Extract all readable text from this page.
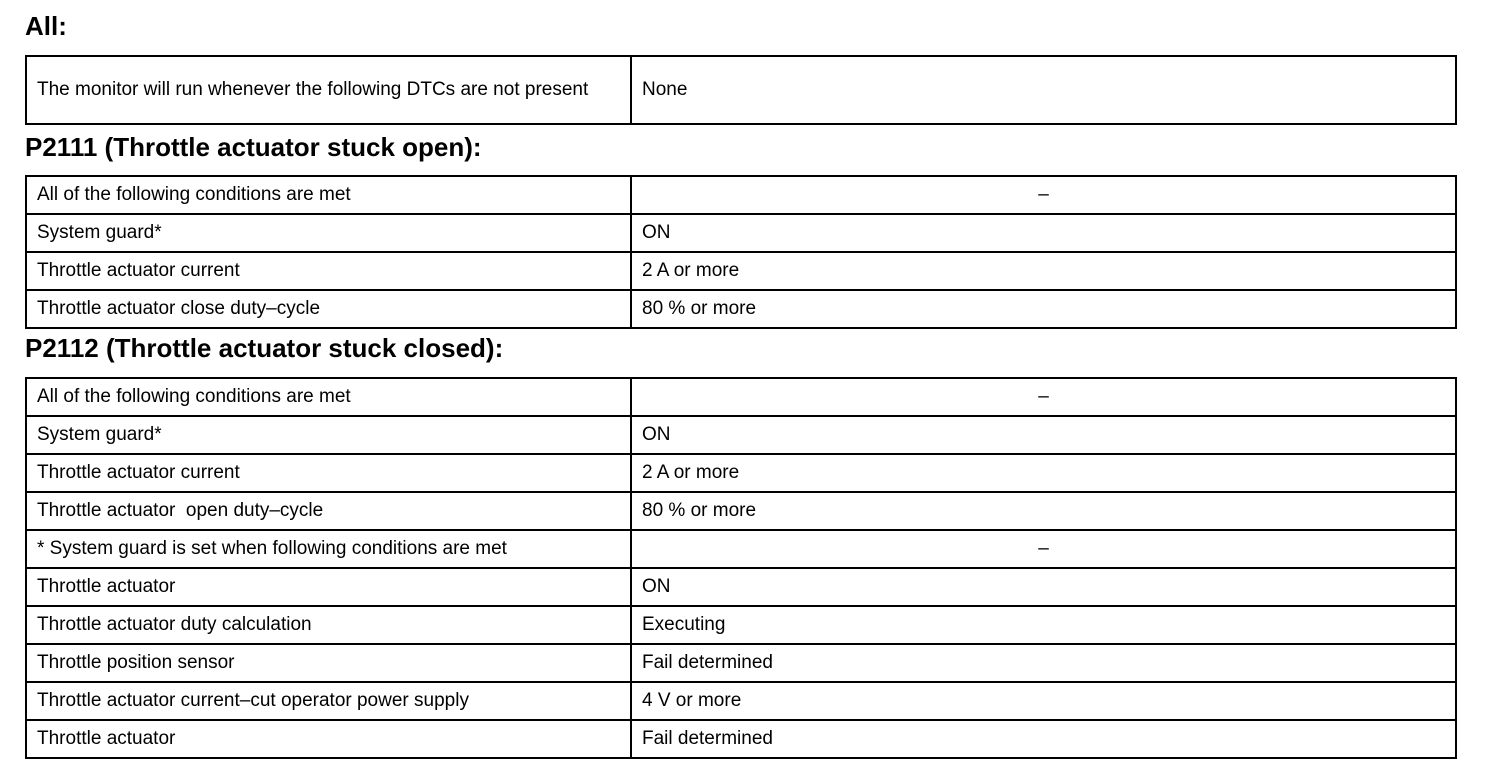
All:
The monitor will run whenever the following DTCs are not present	None
P2111 (Throttle actuator stuck open):
All of the following conditions are met	–
System guard*	ON
Throttle actuator current	2 A or more
Throttle actuator close duty–cycle	80 % or more
P2112 (Throttle actuator stuck closed):
All of the following conditions are met	–
System guard*	ON
Throttle actuator current	2 A or more
Throttle actuator  open duty–cycle	80 % or more
* System guard is set when following conditions are met	–
Throttle actuator	ON
Throttle actuator duty calculation	Executing
Throttle position sensor	Fail determined
Throttle actuator current–cut operator power supply	4 V or more
Throttle actuator	Fail determined
